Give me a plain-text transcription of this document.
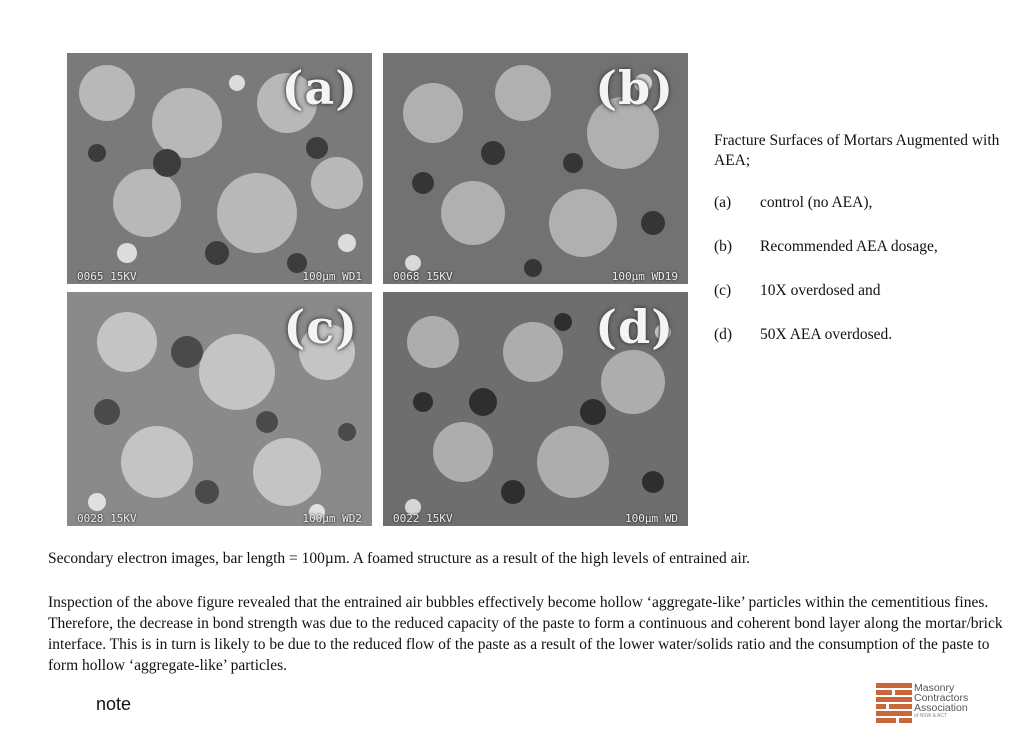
(a)
0065 15KV	100µm WD1
(b)
0068 15KV	100µm WD19
(c)
0028 15KV	100µm WD2
(d)
0022 15KV	100µm WD

Fracture Surfaces of Mortars Augmented with AEA;

(a)	control (no AEA),
(b)	Recommended AEA dosage,
(c)	10X overdosed and
(d)	50X AEA overdosed.

Secondary electron images, bar length = 100µm. A foamed structure as a result of the high levels of entrained air.

Inspection of the above figure revealed that the entrained air bubbles effectively become hollow ‘aggregate-like’ particles within the cementitious fines. Therefore, the decrease in bond strength was due to the reduced capacity of the paste to form a continuous and coherent bond layer along the mortar/brick interface. This is in turn is likely to be due to the reduced flow of the paste as a result of the lower water/solids ratio and the consumption of the paste to form hollow ‘aggregate-like’ particles.

note
Masonry
Contractors
Association
of NSW & ACT
